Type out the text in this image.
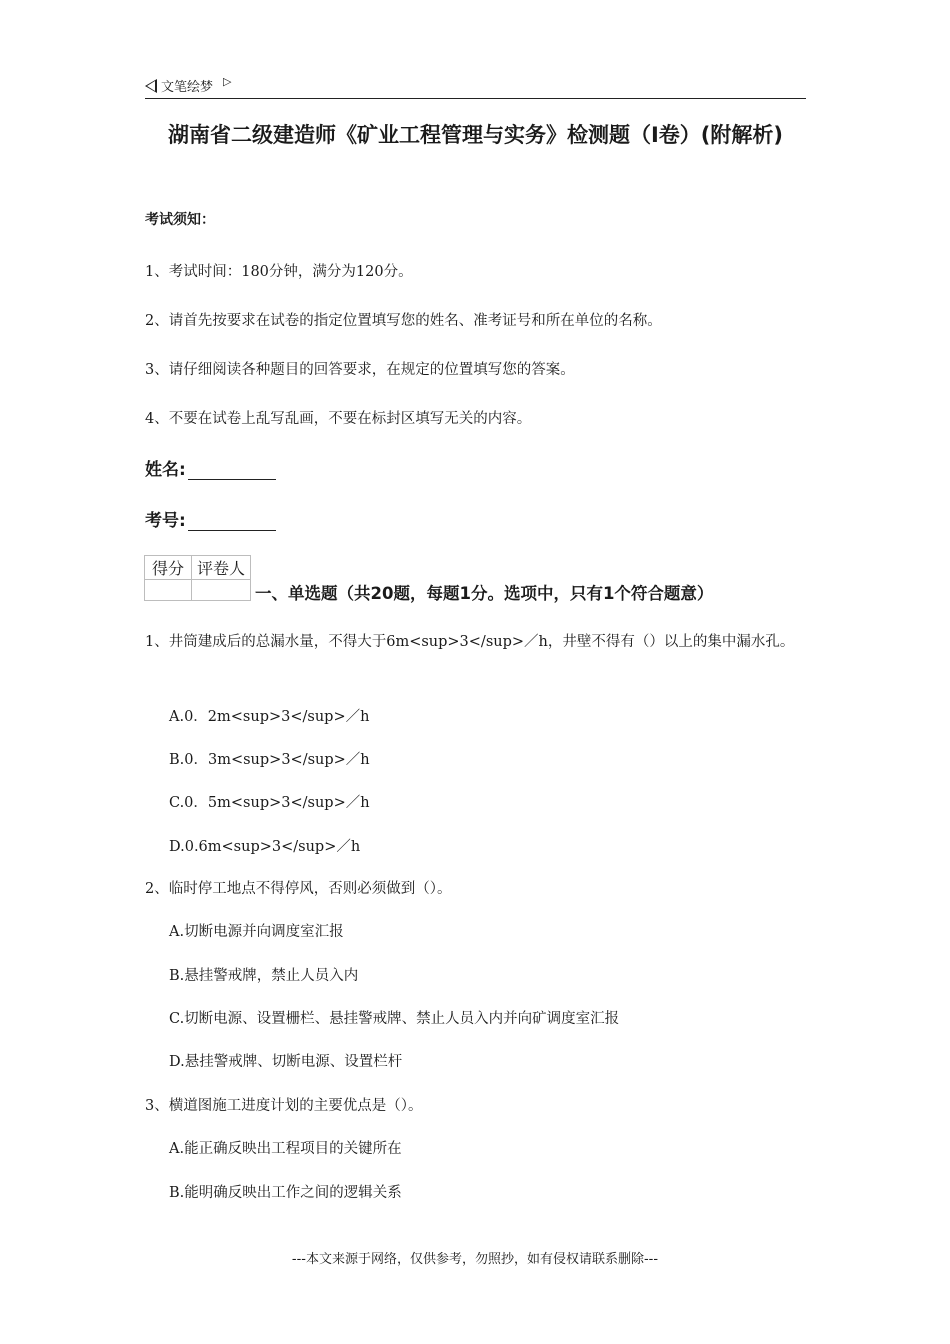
文笔绘梦 ▷
湖南省二级建造师《矿业工程管理与实务》检测题（I卷）(附解析)
考试须知：
1、考试时间：180分钟，满分为120分。
2、请首先按要求在试卷的指定位置填写您的姓名、准考证号和所在单位的名称。
3、请仔细阅读各种题目的回答要求，在规定的位置填写您的答案。
4、不要在试卷上乱写乱画，不要在标封区填写无关的内容。
姓名:
考号:
得分	评卷人

一、单选题（共20题，每题1分。选项中，只有1个符合题意）
1、井筒建成后的总漏水量，不得大于6m<sup>3</sup>／h，井壁不得有（）以上的集中漏水孔。
A.0．2m<sup>3</sup>／h
B.0．3m<sup>3</sup>／h
C.0．5m<sup>3</sup>／h
D.0.6m<sup>3</sup>／h
2、临时停工地点不得停风，否则必须做到（）。
A.切断电源并向调度室汇报
B.悬挂警戒牌，禁止人员入内
C.切断电源、设置栅栏、悬挂警戒牌、禁止人员入内并向矿调度室汇报
D.悬挂警戒牌、切断电源、设置栏杆
3、横道图施工进度计划的主要优点是（）。
A.能正确反映出工程项目的关键所在
B.能明确反映出工作之间的逻辑关系
---本文来源于网络，仅供参考，勿照抄，如有侵权请联系删除---
